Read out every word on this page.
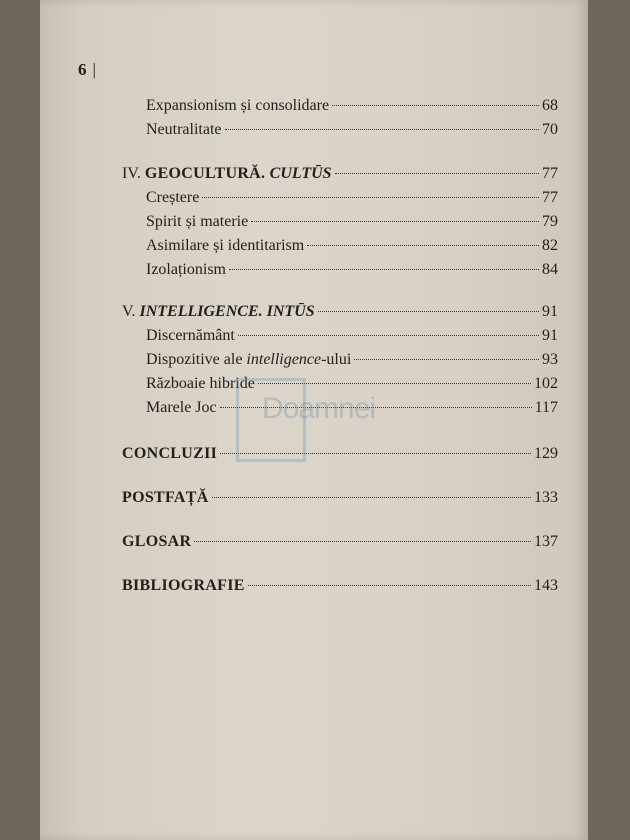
6 |
Expansionism și consolidare	68
Neutralitate	70
IV. GEOCULTURĂ. CULTŪS	77
Creștere	77
Spirit și materie	79
Asimilare și identitarism	82
Izolaționism	84
V. INTELLIGENCE. INTŪS	91
Discernământ	91
Dispozitive ale intelligence-ului	93
Războaie hibride	102
Marele Joc	117
CONCLUZII	129
POSTFAȚĂ	133
GLOSAR	137
BIBLIOGRAFIE	143
Doamnei
